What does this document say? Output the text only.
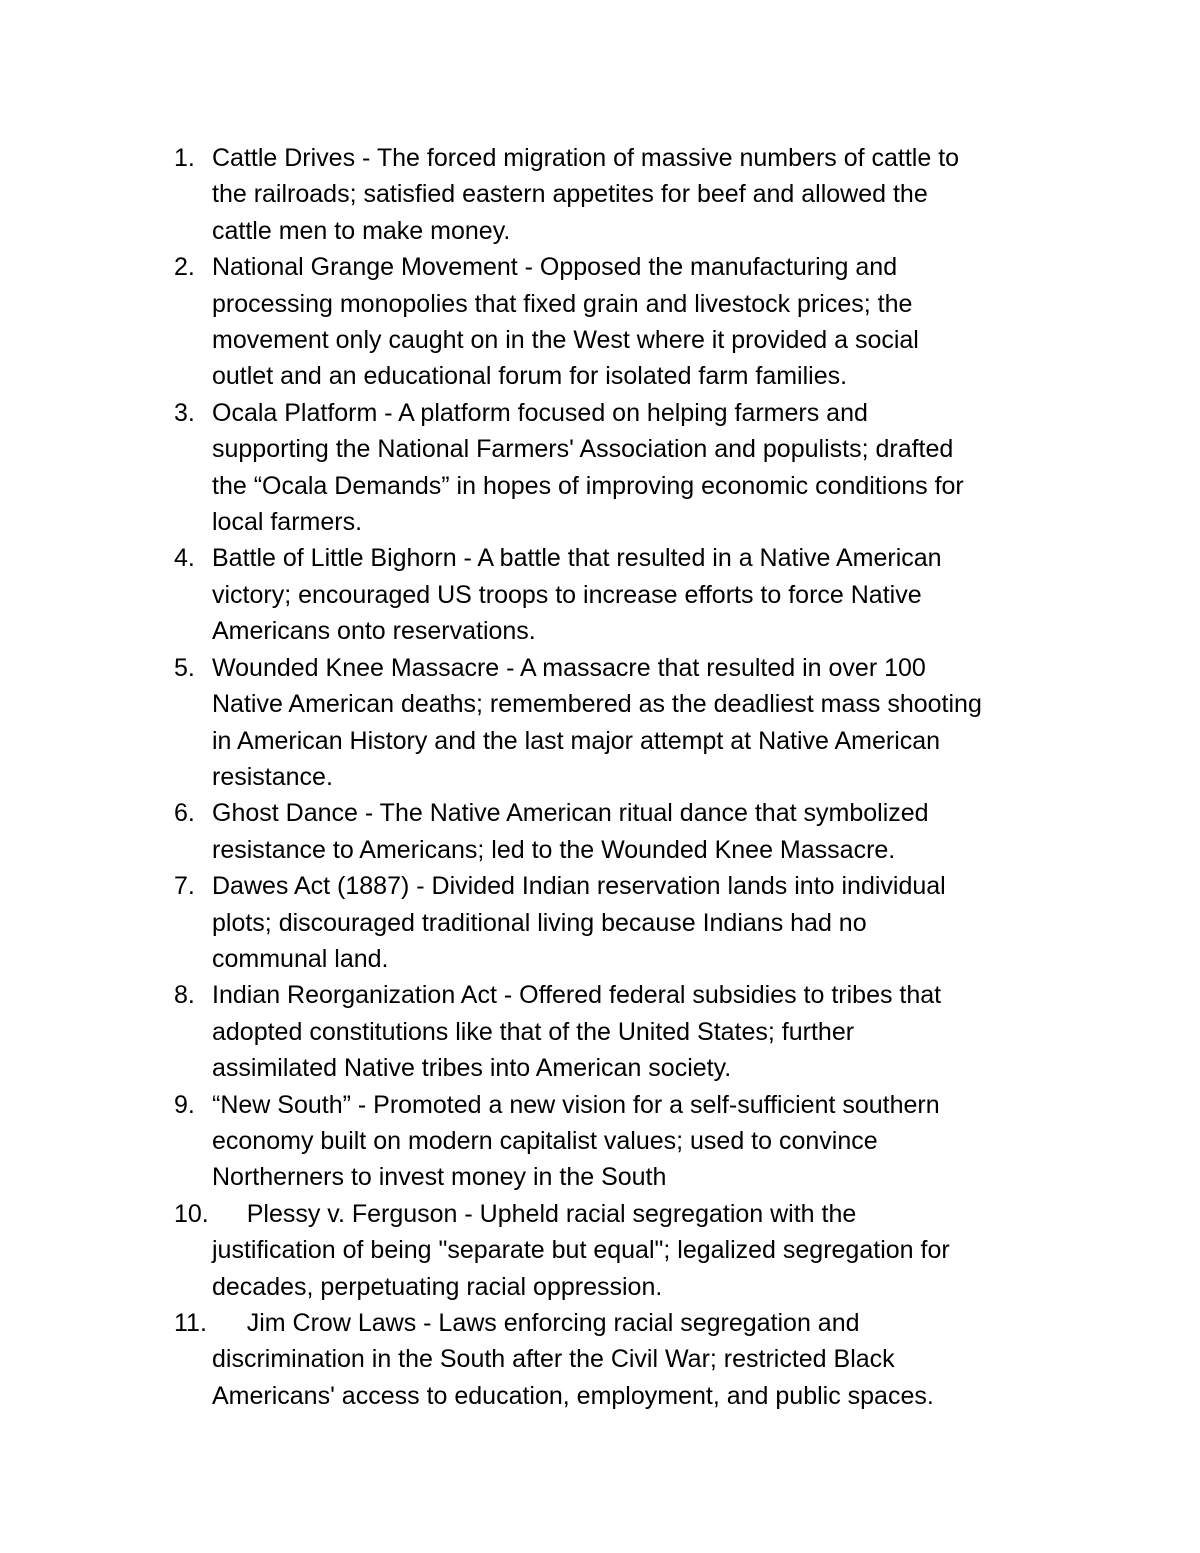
1. Cattle Drives - The forced migration of massive numbers of cattle to
the railroads; satisfied eastern appetites for beef and allowed the
cattle men to make money.
2. National Grange Movement - Opposed the manufacturing and
processing monopolies that fixed grain and livestock prices; the
movement only caught on in the West where it provided a social
outlet and an educational forum for isolated farm families.
3. Ocala Platform - A platform focused on helping farmers and
supporting the National Farmers' Association and populists; drafted
the “Ocala Demands” in hopes of improving economic conditions for
local farmers.
4. Battle of Little Bighorn - A battle that resulted in a Native American
victory; encouraged US troops to increase efforts to force Native
Americans onto reservations.
5. Wounded Knee Massacre - A massacre that resulted in over 100
Native American deaths; remembered as the deadliest mass shooting
in American History and the last major attempt at Native American
resistance.
6. Ghost Dance - The Native American ritual dance that symbolized
resistance to Americans; led to the Wounded Knee Massacre.
7. Dawes Act (1887) - Divided Indian reservation lands into individual
plots; discouraged traditional living because Indians had no
communal land.
8. Indian Reorganization Act - Offered federal subsidies to tribes that
adopted constitutions like that of the United States; further
assimilated Native tribes into American society.
9. “New South” - Promoted a new vision for a self-sufficient southern
economy built on modern capitalist values; used to convince
Northerners to invest money in the South
10. Plessy v. Ferguson - Upheld racial segregation with the
justification of being "separate but equal"; legalized segregation for
decades, perpetuating racial oppression.
11. Jim Crow Laws - Laws enforcing racial segregation and
discrimination in the South after the Civil War; restricted Black
Americans' access to education, employment, and public spaces.
